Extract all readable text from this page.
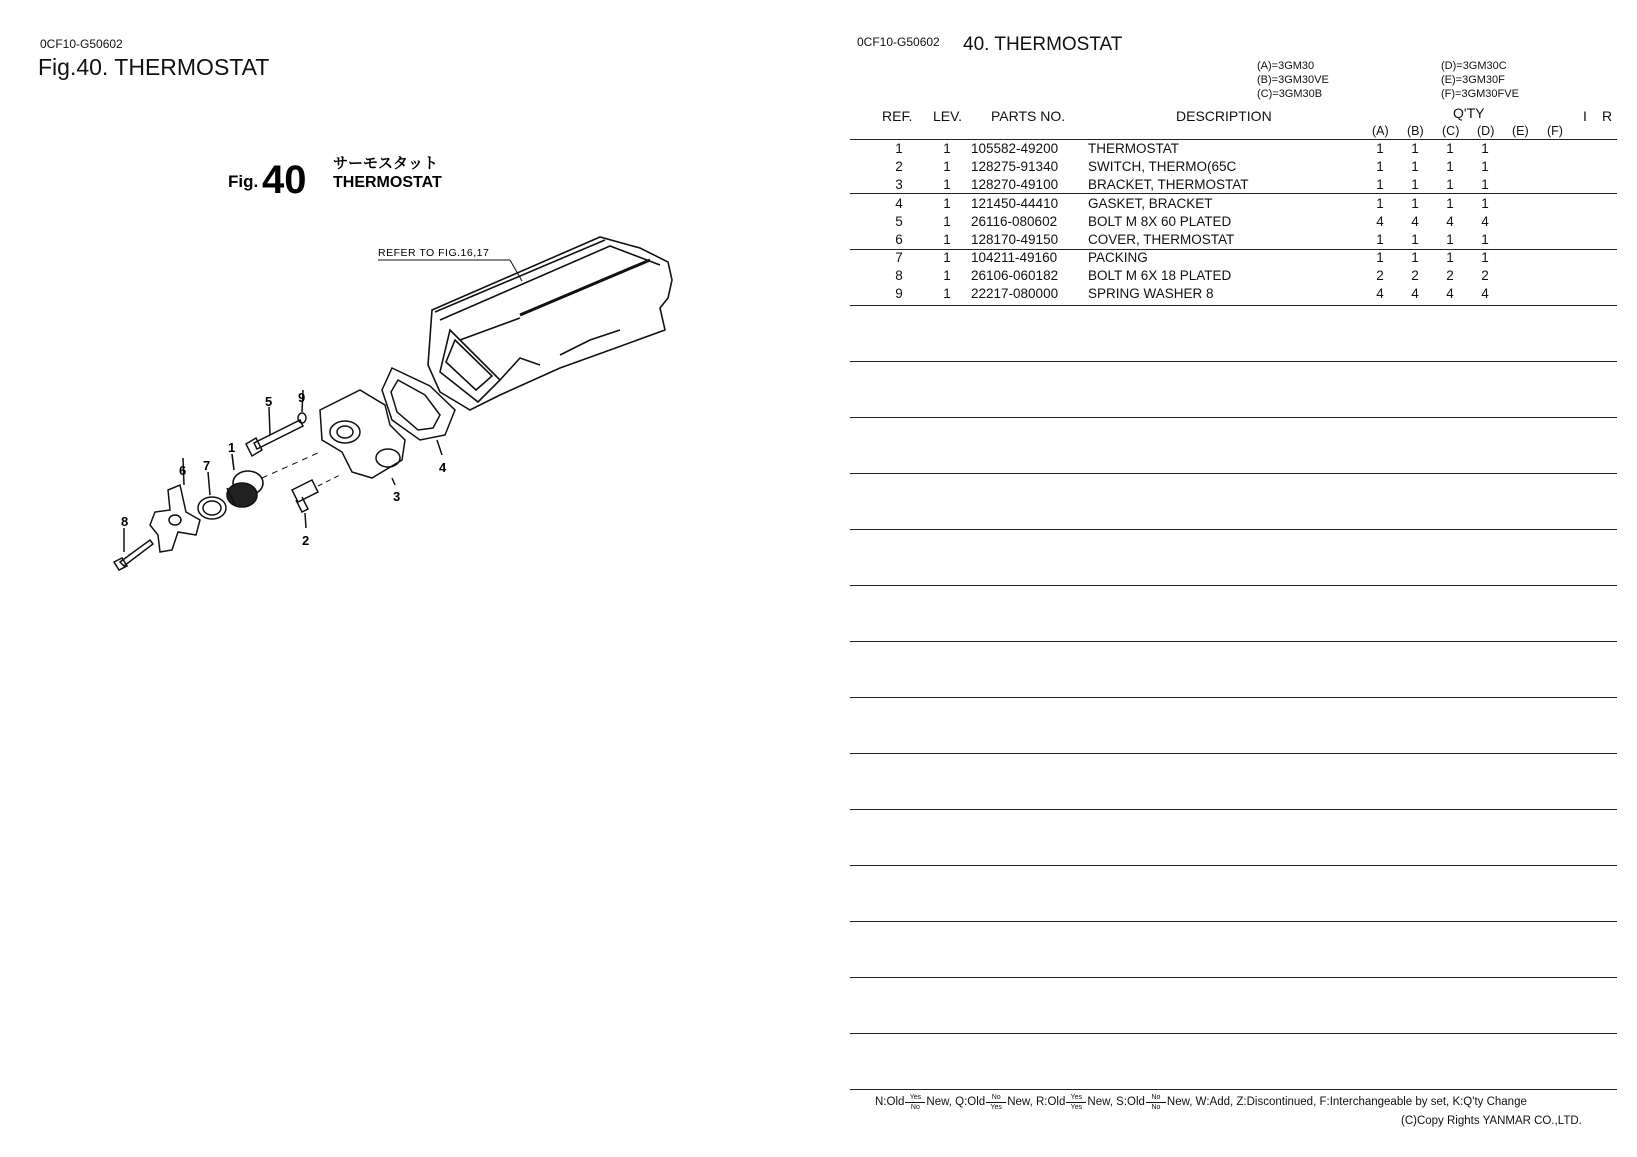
0CF10-G50602
Fig.40. THERMOSTAT
Fig. 40 サーモスタット
THERMOSTAT
REFER TO FIG.16,17
1
2
3
4
5
6 7
8
9
0CF10-G50602 40. THERMOSTAT
(A)=3GM30
(B)=3GM30VE
(C)=3GM30B
(D)=3GM30C
(E)=3GM30F
(F)=3GM30FVE
REF. LEV. PARTS NO.	DESCRIPTION	Q'TY
(A) (B) (C) (D) (E) (F)
I R
1	1 105582-49200 THERMOSTAT	1 1 1 1
2	1 128275-91340 SWITCH, THERMO(65C	1 1 1 1
3	1 128270-49100 BRACKET, THERMOSTAT	1 1 1 1
4	1 121450-44410 GASKET, BRACKET	1 1 1 1
5	1 26116-080602 BOLT M 8X 60 PLATED	4 4 4 4
6	1 128170-49150 COVER, THERMOSTAT	1 1 1 1
7	1 104211-49160 PACKING	1 1 1 1
8	1 26106-060182 BOLT M 6X 18 PLATED	2 2 2 2
9	1 22217-080000 SPRING WASHER 8	4 4 4 4
N:Old Yes
No New, Q:Old No
Yes New, R:Old Yes
Yes New, S:Old $\frac{No}{No}$ New, W:Add, Z:Discontinued, F:Interchangeable by set, K:Q'ty Change
(C)Copy Rights YANMAR CO.,LTD.
